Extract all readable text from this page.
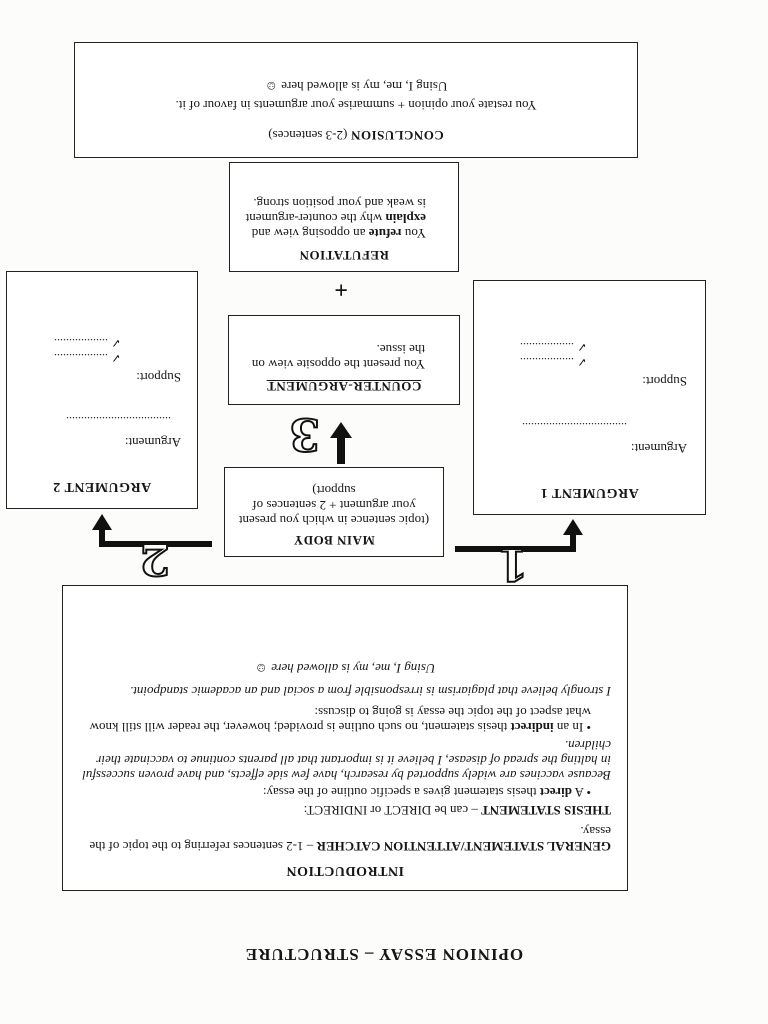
OPINION ESSAY – STRUCTURE
INTRODUCTION

GENERAL STATEMENT/ATTENTION CATCHER – 1-2 sentences referring to the topic of the essay.

THESIS STATEMENT – can be DIRECT or INDIRECT:

• A direct thesis statement gives a specific outline of the essay:

Because vaccines are widely supported by research, have few side effects, and have proven successful in halting the spread of disease, I believe it is important that all parents continue to vaccinate their children.

• In an indirect thesis statement, no such outline is provided; however, the reader will still know what aspect of the topic the essay is going to discuss:

I strongly believe that plagiarism is irresponsible from a social and an academic standpoint.

Using I, me, my is allowed here ☺

MAIN BODY

(topic sentence in which you present your argument + 2 sentences of support)

1
2
3
ARGUMENT 1

Argument:

...................................

Support:

✓ ..................

✓ ..................

ARGUMENT 2

Argument:

...................................

Support:

✓ ..................

✓ ..................

COUNTER-ARGUMENT

You present the opposite view on the issue.

+
REFUTATION

You refute an opposing view and explain why the counter-argument is weak and your position strong.

CONCLUSION (2-3 sentences)

You restate your opinion + summarise your arguments in favour of it.

Using I, me, my is allowed here ☺
